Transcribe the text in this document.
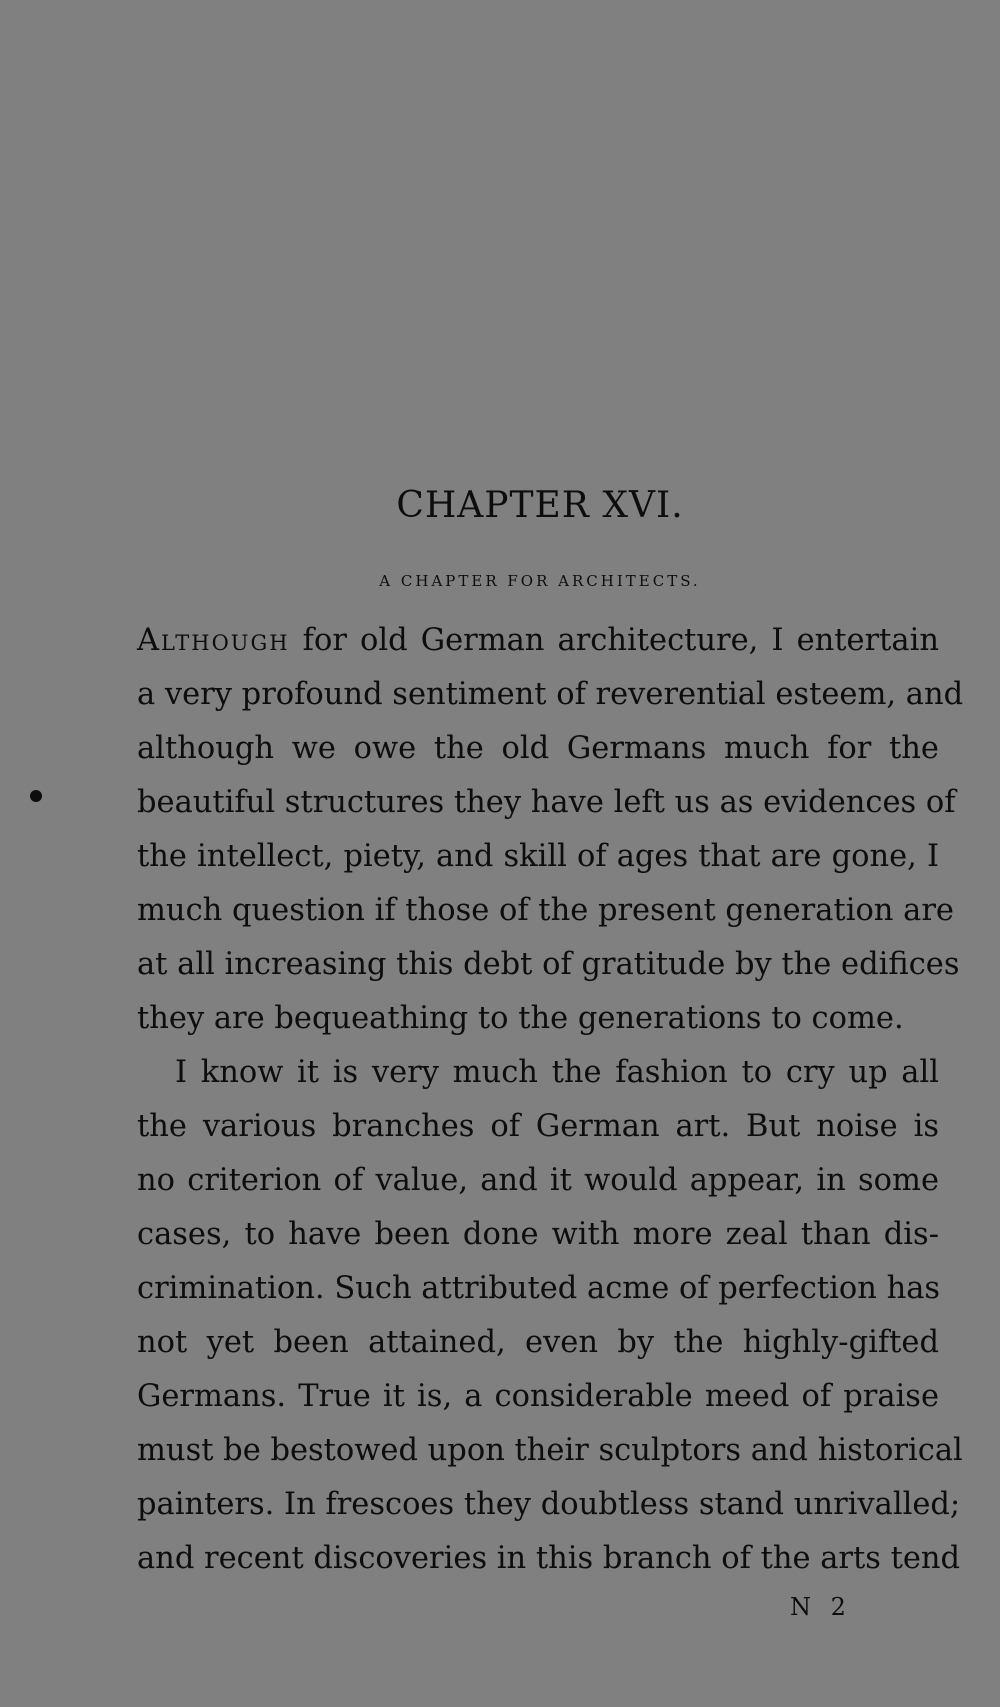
CHAPTER XVI.
A CHAPTER FOR ARCHITECTS.
Although for old German architecture, I entertain
a very profound sentiment of reverential esteem, and
although we owe the old Germans much for the
beautiful structures they have left us as evidences of
the intellect, piety, and skill of ages that are gone, I
much question if those of the present generation are
at all increasing this debt of gratitude by the edifices
they are bequeathing to the generations to come.
I know it is very much the fashion to cry up all
the various branches of German art. But noise is
no criterion of value, and it would appear, in some
cases, to have been done with more zeal than dis-
crimination. Such attributed acme of perfection has
not yet been attained, even by the highly-gifted
Germans. True it is, a considerable meed of praise
must be bestowed upon their sculptors and historical
painters. In frescoes they doubtless stand unrivalled;
and recent discoveries in this branch of the arts tend
N 2
